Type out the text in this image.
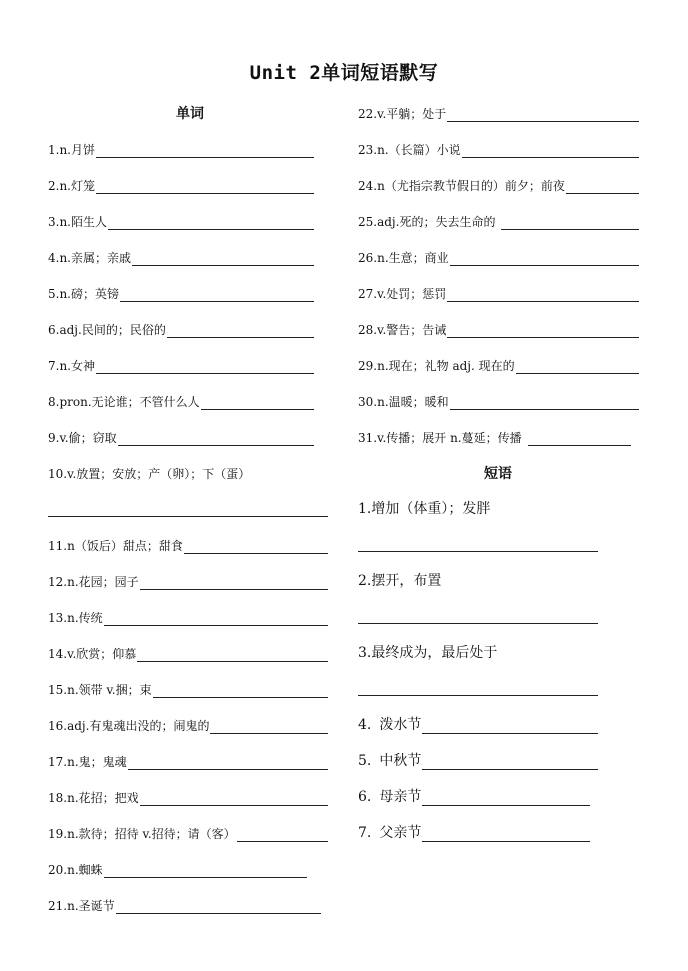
Unit 2单词短语默写
单词
1.n.月饼
2.n.灯笼
3.n.陌生人
4.n.亲属；亲戚
5.n.磅；英镑
6.adj.民间的；民俗的
7.n.女神
8.pron.无论谁；不管什么人
9.v.偷；窃取
10.v.放置；安放；产（卵）；下（蛋）
11.n（饭后）甜点；甜食
12.n.花园；园子
13.n.传统
14.v.欣赏；仰慕
15.n.领带 v.捆；束
16.adj.有鬼魂出没的；闹鬼的
17.n.鬼；鬼魂
18.n.花招；把戏
19.n.款待；招待 v.招待；请（客）
20.n.蜘蛛
21.n.圣诞节
22.v.平躺；处于
23.n.（长篇）小说
24.n（尤指宗教节假日的）前夕；前夜
25.adj.死的；失去生命的
26.n.生意；商业
27.v.处罚；惩罚
28.v.警告；告诫
29.n.现在；礼物 adj. 现在的
30.n.温暖；暖和
31.v.传播；展开 n.蔓延；传播
短语
1.增加（体重）；发胖
2.摆开，布置
3.最终成为，最后处于
4. 泼水节
5. 中秋节
6. 母亲节
7. 父亲节
